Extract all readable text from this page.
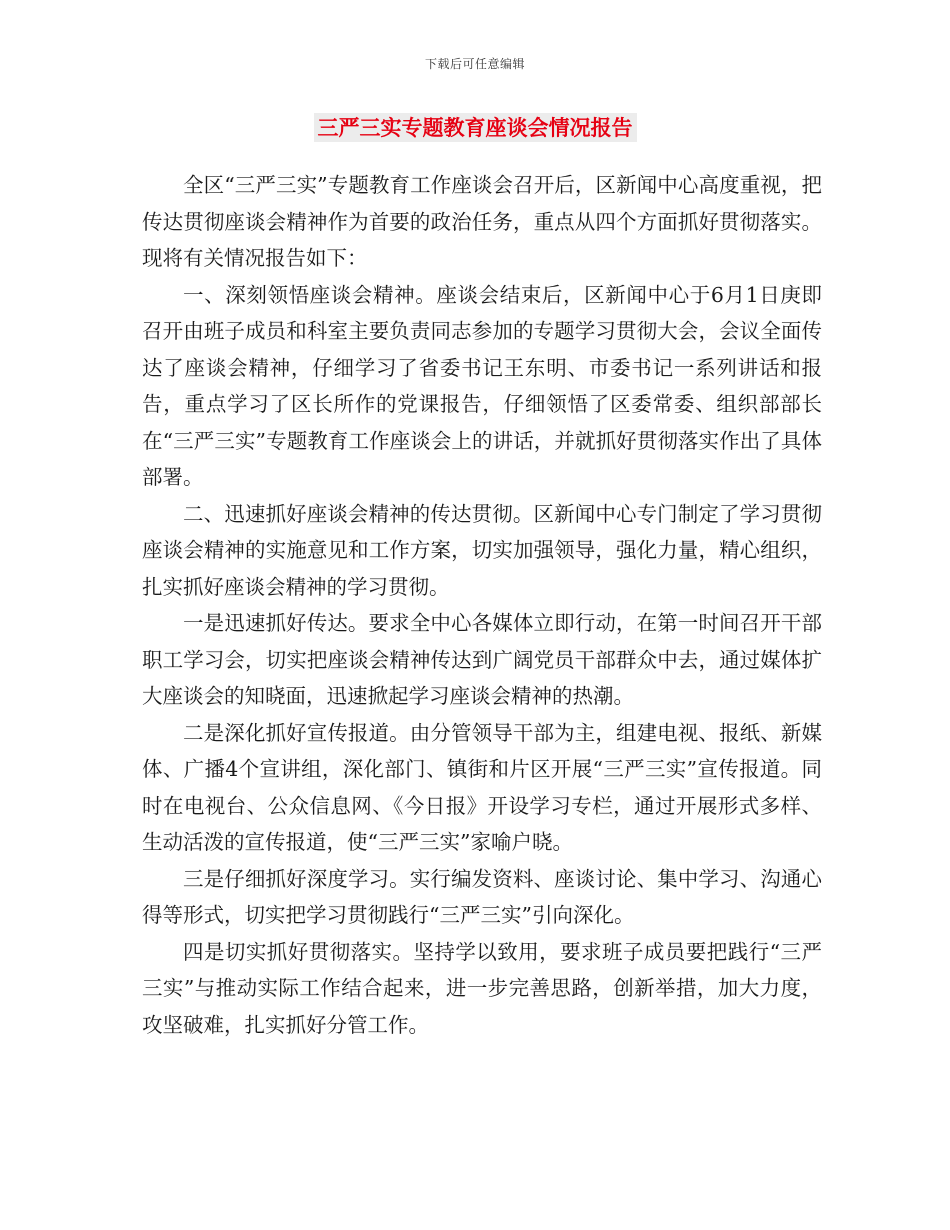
下载后可任意编辑
三严三实专题教育座谈会情况报告

全区“三严三实”专题教育工作座谈会召开后，区新闻中心高度重视，把传达贯彻座谈会精神作为首要的政治任务，重点从四个方面抓好贯彻落实。现将有关情况报告如下：

一、深刻领悟座谈会精神。座谈会结束后，区新闻中心于6月1日庚即召开由班子成员和科室主要负责同志参加的专题学习贯彻大会，会议全面传达了座谈会精神，仔细学习了省委书记王东明、市委书记一系列讲话和报告，重点学习了区长所作的党课报告，仔细领悟了区委常委、组织部部长在“三严三实”专题教育工作座谈会上的讲话，并就抓好贯彻落实作出了具体部署。

二、迅速抓好座谈会精神的传达贯彻。区新闻中心专门制定了学习贯彻座谈会精神的实施意见和工作方案，切实加强领导，强化力量，精心组织，扎实抓好座谈会精神的学习贯彻。

一是迅速抓好传达。要求全中心各媒体立即行动，在第一时间召开干部职工学习会，切实把座谈会精神传达到广阔党员干部群众中去，通过媒体扩大座谈会的知晓面，迅速掀起学习座谈会精神的热潮。

二是深化抓好宣传报道。由分管领导干部为主，组建电视、报纸、新媒体、广播4个宣讲组，深化部门、镇街和片区开展“三严三实”宣传报道。同时在电视台、公众信息网、《今日报》开设学习专栏，通过开展形式多样、生动活泼的宣传报道，使“三严三实”家喻户晓。

三是仔细抓好深度学习。实行编发资料、座谈讨论、集中学习、沟通心得等形式，切实把学习贯彻践行“三严三实”引向深化。

四是切实抓好贯彻落实。坚持学以致用，要求班子成员要把践行“三严三实”与推动实际工作结合起来，进一步完善思路，创新举措，加大力度，攻坚破难，扎实抓好分管工作。
